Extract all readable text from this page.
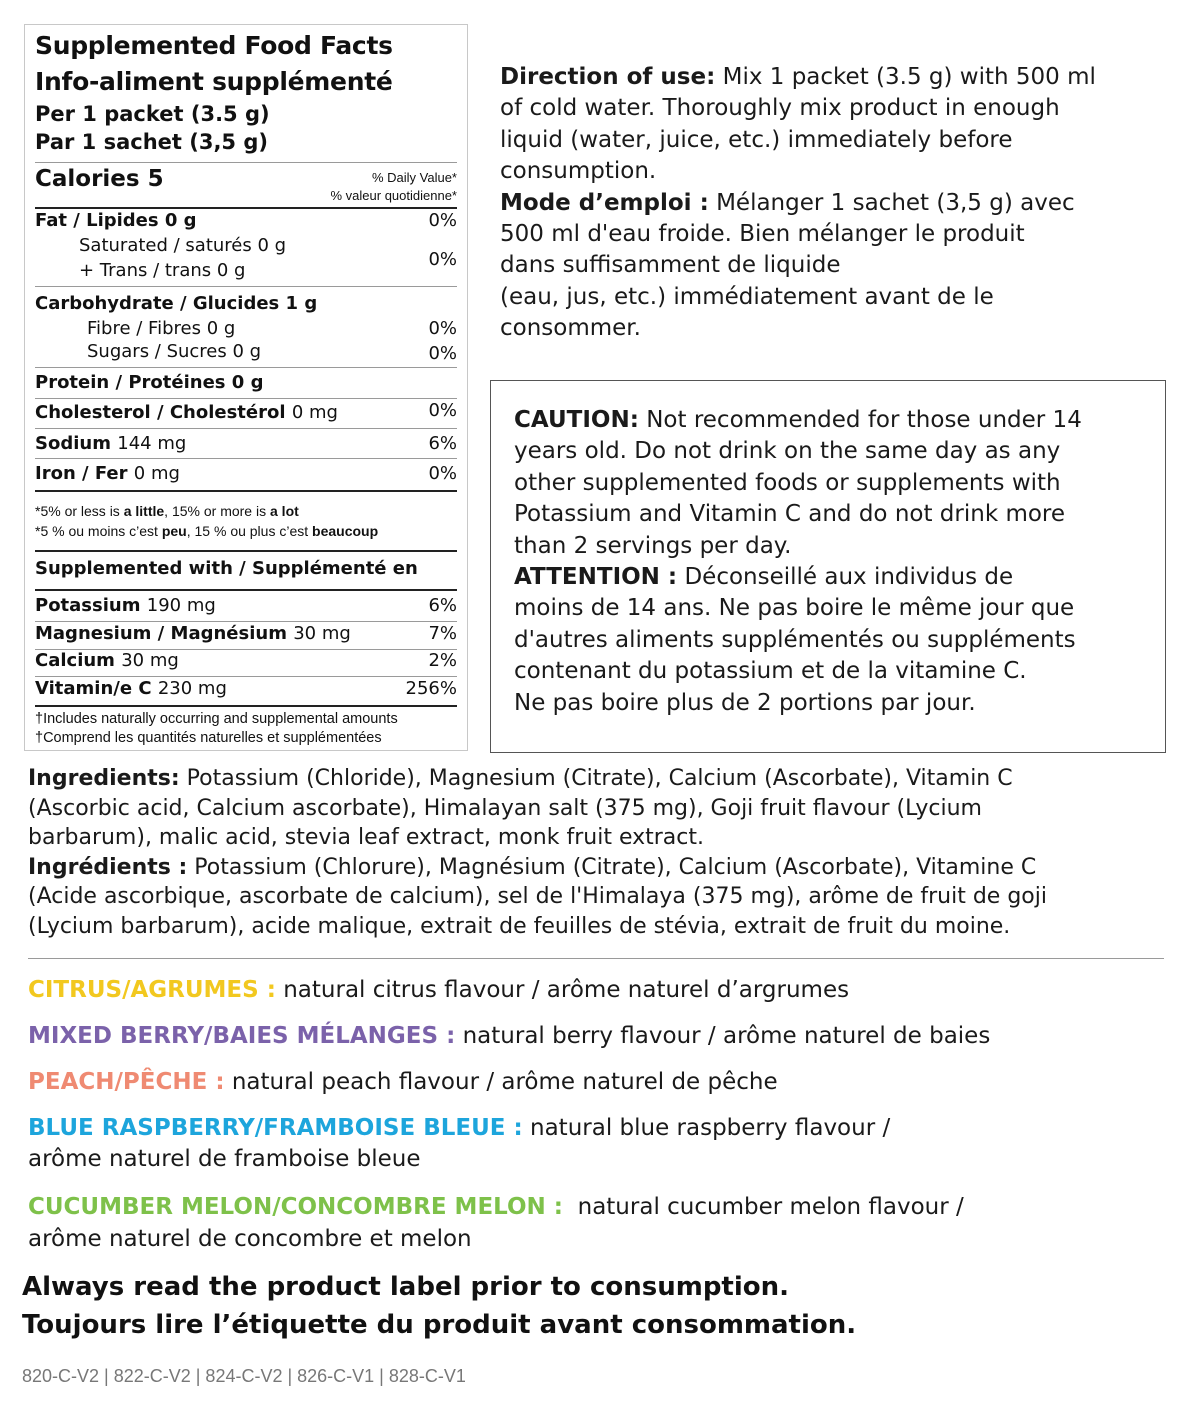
Supplemented Food Facts
Info-aliment supplémenté
Per 1 packet (3.5 g)
Par 1 sachet (3,5 g)
Calories 5	% Daily Value*
% valeur quotidienne*
Fat / Lipides 0 g	0%
Saturated / saturés 0 g
+ Trans / trans 0 g
0%
Carbohydrate / Glucides 1 g
Fibre / Fibres 0 g	0%
Sugars / Sucres 0 g	0%
Protein / Protéines 0 g
Cholesterol / Cholestérol 0 mg	0%
Sodium 144 mg	6%
Iron / Fer 0 mg	0%
*5% or less is a little, 15% or more is a lot
*5 % ou moins c’est peu, 15 % ou plus c’est beaucoup
Supplemented with / Supplémenté en
Potassium 190 mg	6%
Magnesium / Magnésium 30 mg	7%
Calcium 30 mg	2%
Vitamin/e C 230 mg	256%
†Includes naturally occurring and supplemental amounts
†Comprend les quantités naturelles et supplémentées
Direction of use: Mix 1 packet (3.5 g) with 500 ml
of cold water. Thoroughly mix product in enough
liquid (water, juice, etc.) immediately before
consumption.
Mode d’emploi : Mélanger 1 sachet (3,5 g) avec
500 ml d'eau froide. Bien mélanger le produit
dans suffisamment de liquide
(eau, jus, etc.) immédiatement avant de le
consommer.
CAUTION: Not recommended for those under 14
years old. Do not drink on the same day as any
other supplemented foods or supplements with
Potassium and Vitamin C and do not drink more
than 2 servings per day.
ATTENTION : Déconseillé aux individus de
moins de 14 ans. Ne pas boire le même jour que
d'autres aliments supplémentés ou suppléments
contenant du potassium et de la vitamine C.
Ne pas boire plus de 2 portions par jour.
Ingredients: Potassium (Chloride), Magnesium (Citrate), Calcium (Ascorbate), Vitamin C
(Ascorbic acid, Calcium ascorbate), Himalayan salt (375 mg), Goji fruit flavour (Lycium
barbarum), malic acid, stevia leaf extract, monk fruit extract.
Ingrédients : Potassium (Chlorure), Magnésium (Citrate), Calcium (Ascorbate), Vitamine C
(Acide ascorbique, ascorbate de calcium), sel de l'Himalaya (375 mg), arôme de fruit de goji
(Lycium barbarum), acide malique, extrait de feuilles de stévia, extrait de fruit du moine.
CITRUS/AGRUMES : natural citrus flavour / arôme naturel d’argrumes
MIXED BERRY/BAIES MÉLANGES : natural berry flavour / arôme naturel de baies
PEACH/PÊCHE : natural peach flavour / arôme naturel de pêche
BLUE RASPBERRY/FRAMBOISE BLEUE : natural blue raspberry flavour /
arôme naturel de framboise bleue
CUCUMBER MELON/CONCOMBRE MELON :  natural cucumber melon flavour /
arôme naturel de concombre et melon
Always read the product label prior to consumption.
Toujours lire l’étiquette du produit avant consommation.
820-C-V2 | 822-C-V2 | 824-C-V2 | 826-C-V1 | 828-C-V1
